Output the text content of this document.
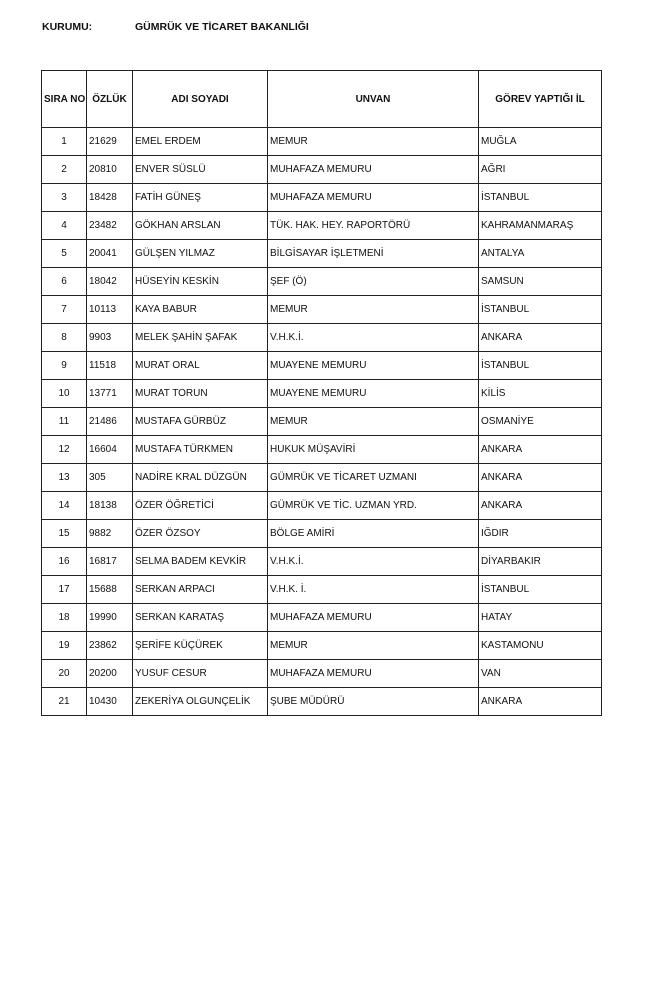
KURUMU:	GÜMRÜK VE TİCARET BAKANLIĞI
SIRA NO	ÖZLÜK	ADI SOYADI	UNVAN	GÖREV YAPTIĞI İL
1	21629	EMEL ERDEM	MEMUR	MUĞLA
2	20810	ENVER SÜSLÜ	MUHAFAZA MEMURU	AĞRI
3	18428	FATİH GÜNEŞ	MUHAFAZA MEMURU	İSTANBUL
4	23482	GÖKHAN ARSLAN	TÜK. HAK. HEY. RAPORTÖRÜ	KAHRAMANMARAŞ
5	20041	GÜLŞEN YILMAZ	BİLGİSAYAR İŞLETMENİ	ANTALYA
6	18042	HÜSEYİN KESKİN	ŞEF (Ö)	SAMSUN
7	10113	KAYA BABUR	MEMUR	İSTANBUL
8	9903	MELEK ŞAHİN ŞAFAK	V.H.K.İ.	ANKARA
9	11518	MURAT ORAL	MUAYENE MEMURU	İSTANBUL
10	13771	MURAT TORUN	MUAYENE MEMURU	KİLİS
11	21486	MUSTAFA GÜRBÜZ	MEMUR	OSMANİYE
12	16604	MUSTAFA TÜRKMEN	HUKUK MÜŞAVİRİ	ANKARA
13	305	NADİRE KRAL DÜZGÜN	GÜMRÜK VE TİCARET UZMANI	ANKARA
14	18138	ÖZER ÖĞRETİCİ	GÜMRÜK VE TİC. UZMAN YRD.	ANKARA
15	9882	ÖZER ÖZSOY	BÖLGE AMİRİ	IĞDIR
16	16817	SELMA BADEM KEVKİR	V.H.K.İ.	DİYARBAKIR
17	15688	SERKAN ARPACI	V.H.K. İ.	İSTANBUL
18	19990	SERKAN KARATAŞ	MUHAFAZA MEMURU	HATAY
19	23862	ŞERİFE KÜÇÜREK	MEMUR	KASTAMONU
20	20200	YUSUF CESUR	MUHAFAZA MEMURU	VAN
21	10430	ZEKERİYA OLGUNÇELİK	ŞUBE MÜDÜRÜ	ANKARA
